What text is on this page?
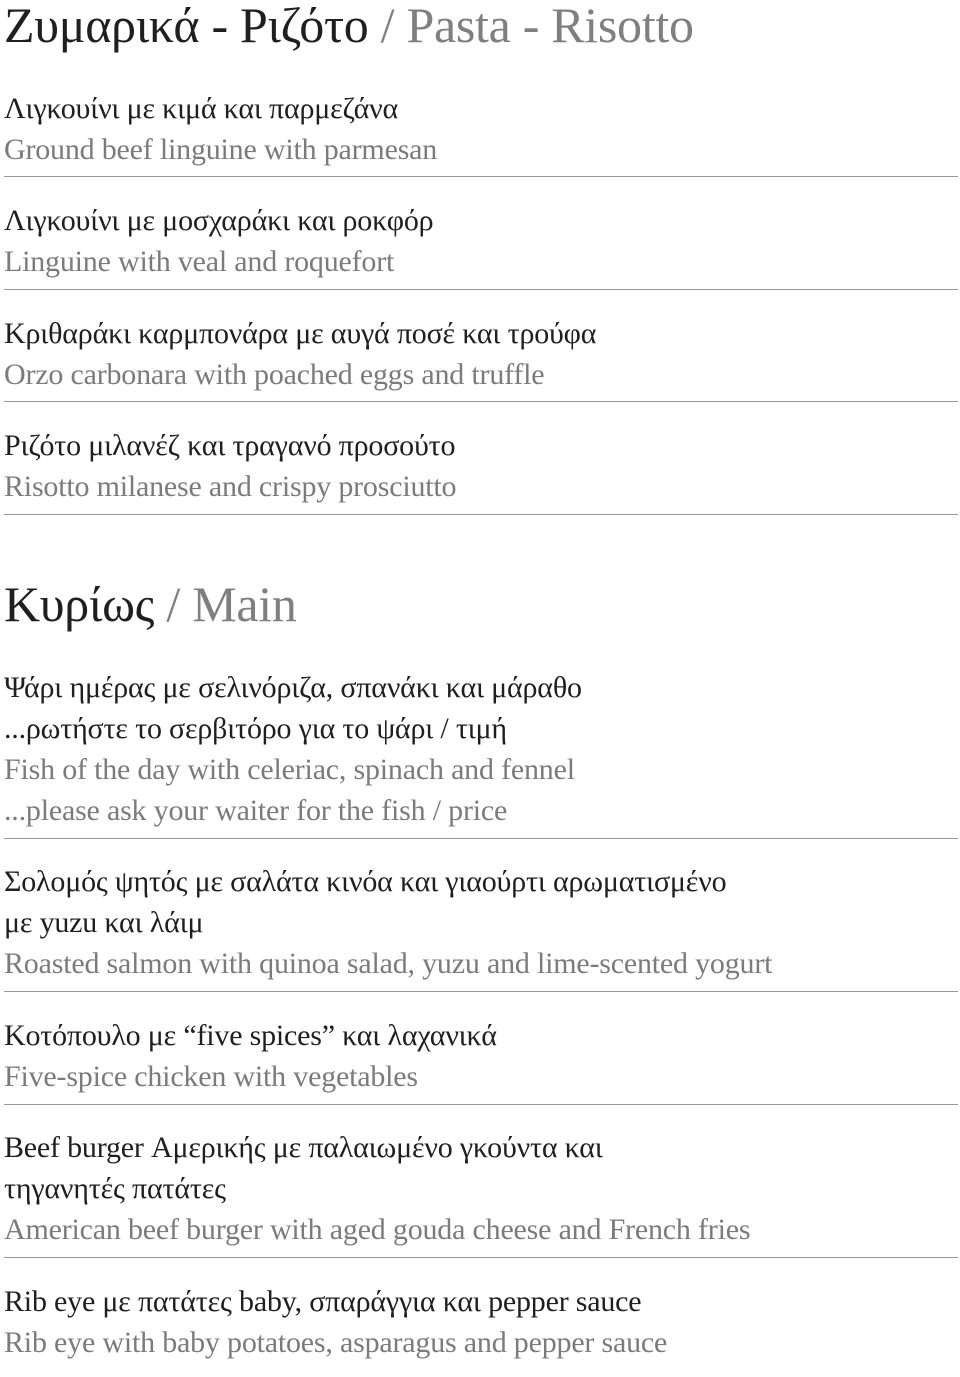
Ζυμαρικά - Ριζότο / Pasta - Risotto
Λιγκουίνι με κιμά και παρμεζάνα
Ground beef linguine with parmesan
Λιγκουίνι με μοσχαράκι και ροκφόρ
Linguine with veal and roquefort
Κριθαράκι καρμπονάρα με αυγά ποσέ και τρούφα
Orzo carbonara with poached eggs and truffle
Ριζότο μιλανέζ και τραγανό προσούτο
Risotto milanese and crispy prosciutto
Κυρίως / Main
Ψάρι ημέρας με σελινόριζα, σπανάκι και μάραθο
...ρωτήστε το σερβιτόρο για το ψάρι / τιμή
Fish of the day with celeriac, spinach and fennel
...please ask your waiter for the fish / price
Σολομός ψητός με σαλάτα κινόα και γιαούρτι αρωματισμένο
με yuzu και λάιμ
Roasted salmon with quinoa salad, yuzu and lime-scented yogurt
Κοτόπουλο με “five spices” και λαχανικά
Five-spice chicken with vegetables
Beef burger Αμερικής με παλαιωμένο γκούντα και
τηγανητές πατάτες
American beef burger with aged gouda cheese and French fries
Rib eye με πατάτες baby, σπαράγγια και pepper sauce
Rib eye with baby potatoes, asparagus and pepper sauce
